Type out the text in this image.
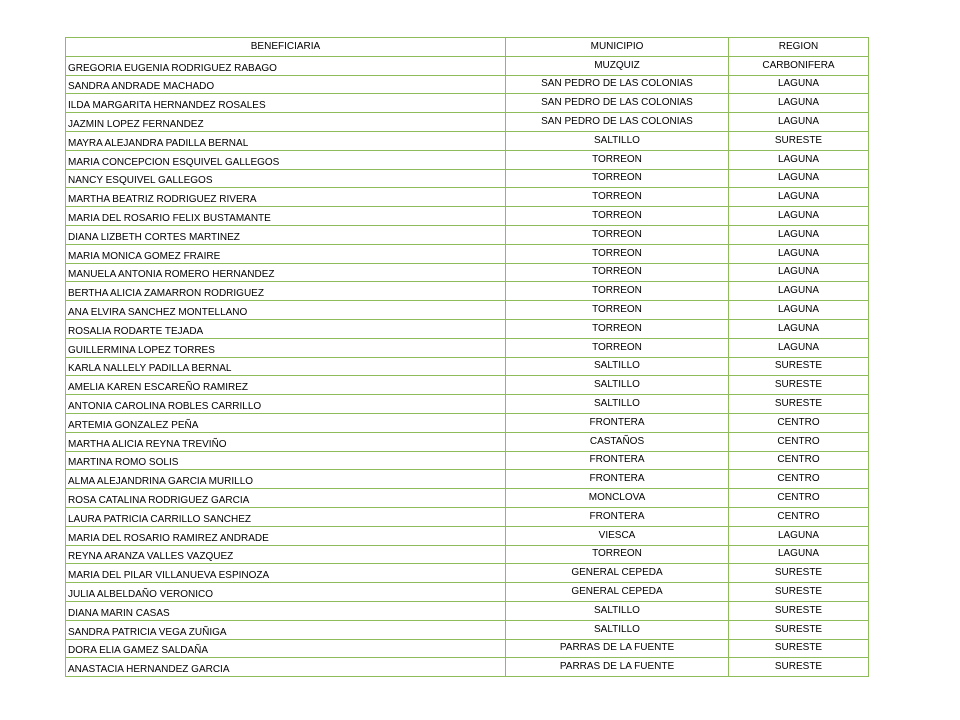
BENEFICIARIA	MUNICIPIO	REGION
GREGORIA EUGENIA RODRIGUEZ RABAGO	MUZQUIZ	CARBONIFERA
SANDRA ANDRADE MACHADO	SAN PEDRO DE LAS COLONIAS	LAGUNA
ILDA MARGARITA HERNANDEZ ROSALES	SAN PEDRO DE LAS COLONIAS	LAGUNA
JAZMIN LOPEZ FERNANDEZ	SAN PEDRO DE LAS COLONIAS	LAGUNA
MAYRA ALEJANDRA PADILLA BERNAL	SALTILLO	SURESTE
MARIA CONCEPCION ESQUIVEL GALLEGOS	TORREON	LAGUNA
NANCY ESQUIVEL GALLEGOS	TORREON	LAGUNA
MARTHA BEATRIZ RODRIGUEZ RIVERA	TORREON	LAGUNA
MARIA DEL ROSARIO FELIX BUSTAMANTE	TORREON	LAGUNA
DIANA LIZBETH CORTES MARTINEZ	TORREON	LAGUNA
MARIA MONICA GOMEZ FRAIRE	TORREON	LAGUNA
MANUELA ANTONIA ROMERO HERNANDEZ	TORREON	LAGUNA
BERTHA ALICIA ZAMARRON RODRIGUEZ	TORREON	LAGUNA
ANA ELVIRA SANCHEZ MONTELLANO	TORREON	LAGUNA
ROSALIA RODARTE TEJADA	TORREON	LAGUNA
GUILLERMINA LOPEZ TORRES	TORREON	LAGUNA
KARLA NALLELY PADILLA BERNAL	SALTILLO	SURESTE
AMELIA KAREN ESCAREÑO RAMIREZ	SALTILLO	SURESTE
ANTONIA CAROLINA ROBLES CARRILLO	SALTILLO	SURESTE
ARTEMIA GONZALEZ PEÑA	FRONTERA	CENTRO
MARTHA ALICIA REYNA TREVIÑO	CASTAÑOS	CENTRO
MARTINA ROMO SOLIS	FRONTERA	CENTRO
ALMA ALEJANDRINA GARCIA MURILLO	FRONTERA	CENTRO
ROSA CATALINA RODRIGUEZ GARCIA	MONCLOVA	CENTRO
LAURA PATRICIA CARRILLO SANCHEZ	FRONTERA	CENTRO
MARIA DEL ROSARIO RAMIREZ ANDRADE	VIESCA	LAGUNA
REYNA ARANZA VALLES VAZQUEZ	TORREON	LAGUNA
MARIA DEL PILAR VILLANUEVA ESPINOZA	GENERAL CEPEDA	SURESTE
JULIA ALBELDAÑO VERONICO	GENERAL CEPEDA	SURESTE
DIANA MARIN CASAS	SALTILLO	SURESTE
SANDRA PATRICIA VEGA ZUÑIGA	SALTILLO	SURESTE
DORA ELIA GAMEZ SALDAÑA	PARRAS DE LA FUENTE	SURESTE
ANASTACIA HERNANDEZ GARCIA	PARRAS DE LA FUENTE	SURESTE
